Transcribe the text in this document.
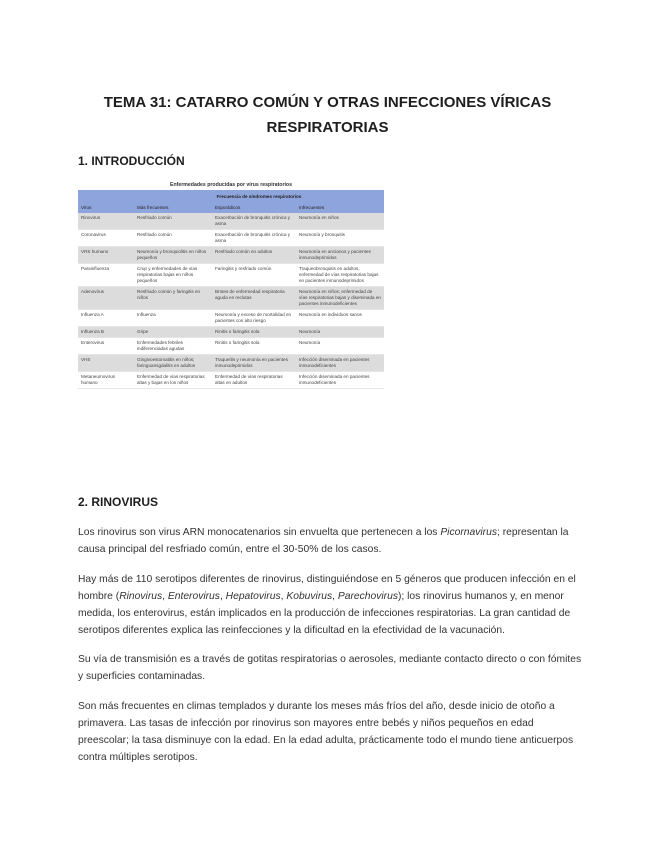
TEMA 31: CATARRO COMÚN Y OTRAS INFECCIONES VÍRICAS
RESPIRATORIAS
1. INTRODUCCIÓN
Enfermedades producidas por virus respiratorios
	Frecuencia de síndromes respiratorios		
Virus	Más frecuentes	Esporádicos	Infrecuentes
Rinovirus	Resfriado común	Exacerbación de bronquitis crónica y asma	Neumonía en niños
Coronavirus	Resfriado común	Exacerbación de bronquitis crónica y asma	Neumonía y bronquitis
VRS humano	Neumonía y bronquiolitis en niños pequeños	Resfriado común en adultos	Neumonía en ancianos y pacientes inmunodeprimidos
Parainfluenza	Crup y enfermedades de vías respiratorias bajas en niños pequeños	Faringitis y resfriado común	Traqueobronquitis en adultos, enfermedad de vías respiratorias bajas en pacientes inmunodeprimidos
Adenovirus	Resfriado común y faringitis en niños	Brotes de enfermedad respiratoria aguda en reclutas	Neumonía en niños; enfermedad de vías respiratorias bajas y diseminada en pacientes inmunodeficientes
Influenza A	Influenza	Neumonía y exceso de mortalidad en pacientes con alto riesgo	Neumonía en individuos sanos
Influenza B	Gripe	Rinitis o faringitis sola	Neumonía
Enterovirus	Enfermedades febriles indiferenciadas agudas	Rinitis o faringitis sola	Neumonía
VHS	Gingivoestomatitis en niños; faringoamigdalitis en adultos	Traqueítis y neumonía en pacientes inmunodeprimidos	Infección diseminada en pacientes inmunodeficientes
Metaneumovirus humano	Enfermedad de vías respiratorias altas y bajas en los niños	Enfermedad de vías respiratorias altas en adultos	Infección diseminada en pacientes inmunodeficientes
2. RINOVIRUS
Los rinovirus son virus ARN monocatenarios sin envuelta que pertenecen a los Picornavirus; representan la causa principal del resfriado común, entre el 30-50% de los casos.
Hay más de 110 serotipos diferentes de rinovirus, distinguiéndose en 5 géneros que producen infección en el hombre (Rinovirus, Enterovirus, Hepatovirus, Kobuvirus, Parechovirus); los rinovirus humanos y, en menor medida, los enterovirus, están implicados en la producción de infecciones respiratorias. La gran cantidad de serotipos diferentes explica las reinfecciones y la dificultad en la efectividad de la vacunación.
Su vía de transmisión es a través de gotitas respiratorias o aerosoles, mediante contacto directo o con fómites y superficies contaminadas.
Son más frecuentes en climas templados y durante los meses más fríos del año, desde inicio de otoño a primavera. Las tasas de infección por rinovirus son mayores entre bebés y niños pequeños en edad preescolar; la tasa disminuye con la edad. En la edad adulta, prácticamente todo el mundo tiene anticuerpos contra múltiples serotipos.
